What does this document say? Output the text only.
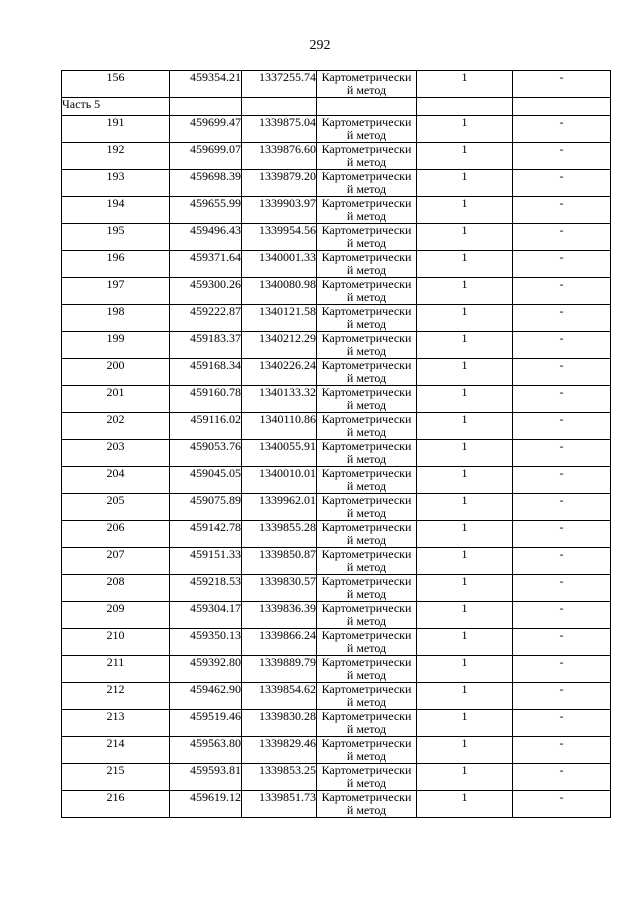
292
156	459354.21	1337255.74	Картометрически й метод	1	-
Часть 5					
191	459699.47	1339875.04	Картометрически й метод	1	-
192	459699.07	1339876.60	Картометрически й метод	1	-
193	459698.39	1339879.20	Картометрически й метод	1	-
194	459655.99	1339903.97	Картометрически й метод	1	-
195	459496.43	1339954.56	Картометрически й метод	1	-
196	459371.64	1340001.33	Картометрически й метод	1	-
197	459300.26	1340080.98	Картометрически й метод	1	-
198	459222.87	1340121.58	Картометрически й метод	1	-
199	459183.37	1340212.29	Картометрически й метод	1	-
200	459168.34	1340226.24	Картометрически й метод	1	-
201	459160.78	1340133.32	Картометрически й метод	1	-
202	459116.02	1340110.86	Картометрически й метод	1	-
203	459053.76	1340055.91	Картометрически й метод	1	-
204	459045.05	1340010.01	Картометрически й метод	1	-
205	459075.89	1339962.01	Картометрически й метод	1	-
206	459142.78	1339855.28	Картометрически й метод	1	-
207	459151.33	1339850.87	Картометрически й метод	1	-
208	459218.53	1339830.57	Картометрически й метод	1	-
209	459304.17	1339836.39	Картометрически й метод	1	-
210	459350.13	1339866.24	Картометрически й метод	1	-
211	459392.80	1339889.79	Картометрически й метод	1	-
212	459462.90	1339854.62	Картометрически й метод	1	-
213	459519.46	1339830.28	Картометрически й метод	1	-
214	459563.80	1339829.46	Картометрически й метод	1	-
215	459593.81	1339853.25	Картометрически й метод	1	-
216	459619.12	1339851.73	Картометрически й метод	1	-
